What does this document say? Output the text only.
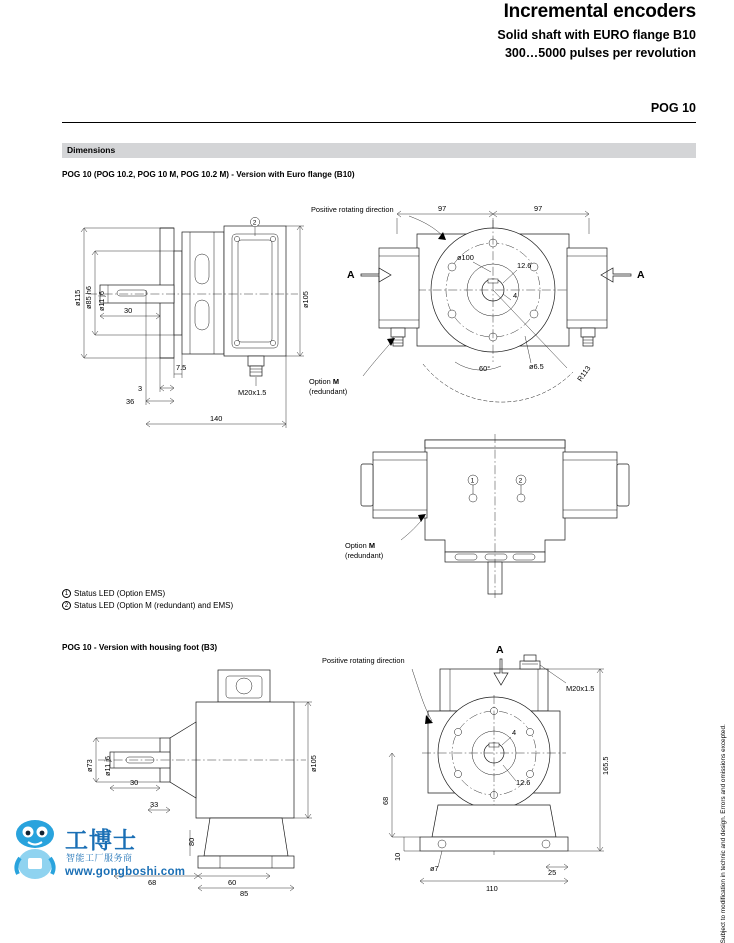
Incremental encoders
Solid shaft with EURO flange B10
300…5000 pulses per revolution
POG 10
Dimensions
POG 10 (POG 10.2, POG 10 M, POG 10.2 M) - Version with Euro flange (B10)
POG 10 - Version with housing foot (B3)
1 Status LED (Option EMS)
2 Status LED (Option M (redundant) and EMS)
Subject to modification in technic and design. Errors and omissions excepted.
2
M20x1.5
ø115 ø85 h6 ø11 j6 30
7.5
3
36
140
ø105
97	97
A	A
Positive rotating direction
ø100
12.6
4
60°	ø6.5	R113
Option M
(redundant)
1	2
Option M
(redundant)
ø73 ø11 j6
30
33
80
ø105
68	60
85
A
M20x1.5
Positive rotating direction
12.6
4
165.5
68
10
ø7
110
25
工博士
智能工厂服务商
www.gongboshi.com
